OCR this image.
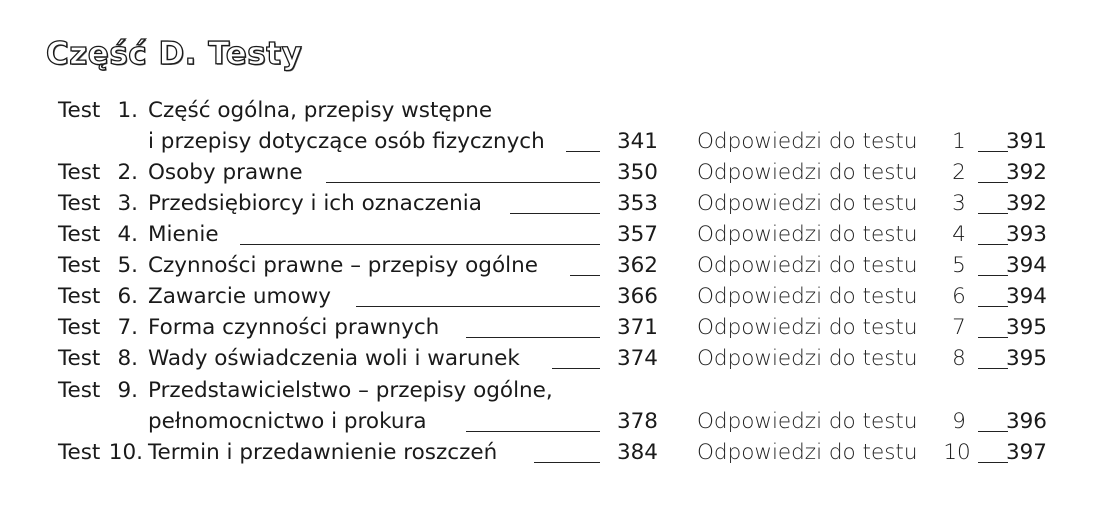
Część D. Testy
Test 1. Część ogólna, przepisy wstępne
i przepisy dotyczące osób fizycznych	341 Odpowiedzi do testu	1	391
Test 2. Osoby prawne	350 Odpowiedzi do testu	2	392
Test 3. Przedsiębiorcy i ich oznaczenia	353 Odpowiedzi do testu	3	392
Test 4. Mienie	357 Odpowiedzi do testu	4	393
Test 5. Czynności prawne – przepisy ogólne	362 Odpowiedzi do testu	5	394
Test 6. Zawarcie umowy	366 Odpowiedzi do testu	6	394
Test 7. Forma czynności prawnych	371 Odpowiedzi do testu	7	395
Test 8. Wady oświadczenia woli i warunek	374 Odpowiedzi do testu	8	395
Test 9. Przedstawicielstwo – przepisy ogólne,
pełnomocnictwo i prokura	378 Odpowiedzi do testu	9	396
Test 10. Termin i przedawnienie roszczeń	384 Odpowiedzi do testu 10 397
